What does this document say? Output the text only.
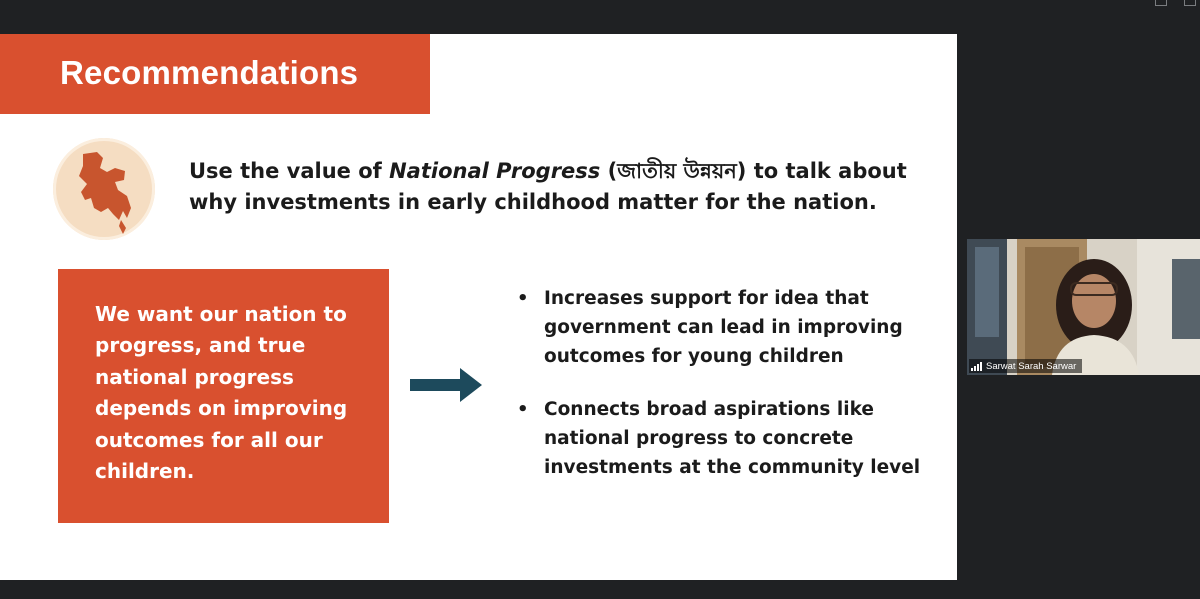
Recommendations
Use the value of National Progress (জাতীয় উন্নয়ন) to talk about
why investments in early childhood matter for the nation.
We want our nation to progress, and true national progress depends on improving outcomes for all our children.
• Increases support for idea that government can lead in improving outcomes for young children
• Connects broad aspirations like national progress to concrete investments at the community level
Sarwat Sarah Sarwar
